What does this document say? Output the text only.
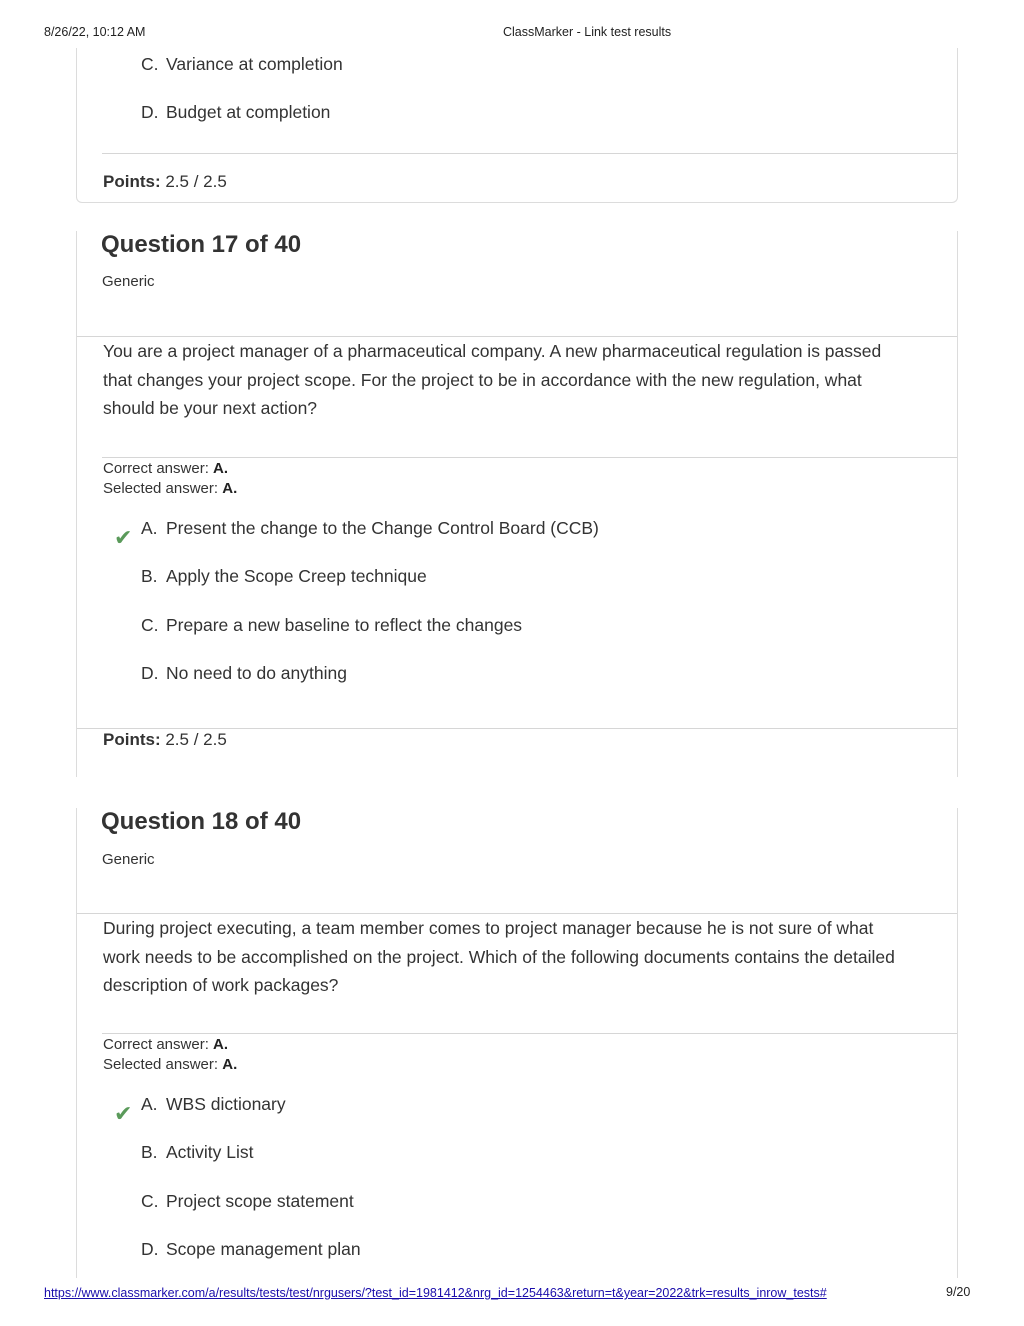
8/26/22, 10:12 AM	ClassMarker - Link test results
C. Variance at completion
D. Budget at completion
Points: 2.5 / 2.5
Question 17 of 40
Generic
You are a project manager of a pharmaceutical company. A new pharmaceutical regulation is passed that changes your project scope. For the project to be in accordance with the new regulation, what should be your next action?
Correct answer: A.
Selected answer: A.
✔ A. Present the change to the Change Control Board (CCB)
B. Apply the Scope Creep technique
C. Prepare a new baseline to reflect the changes
D. No need to do anything
Points: 2.5 / 2.5
Question 18 of 40
Generic
During project executing, a team member comes to project manager because he is not sure of what work needs to be accomplished on the project. Which of the following documents contains the detailed description of work packages?
Correct answer: A.
Selected answer: A.
✔ A. WBS dictionary
B. Activity List
C. Project scope statement
D. Scope management plan
https://www.classmarker.com/a/results/tests/test/nrgusers/?test_id=1981412&nrg_id=1254463&return=t&year=2022&trk=results_inrow_tests#	9/20
